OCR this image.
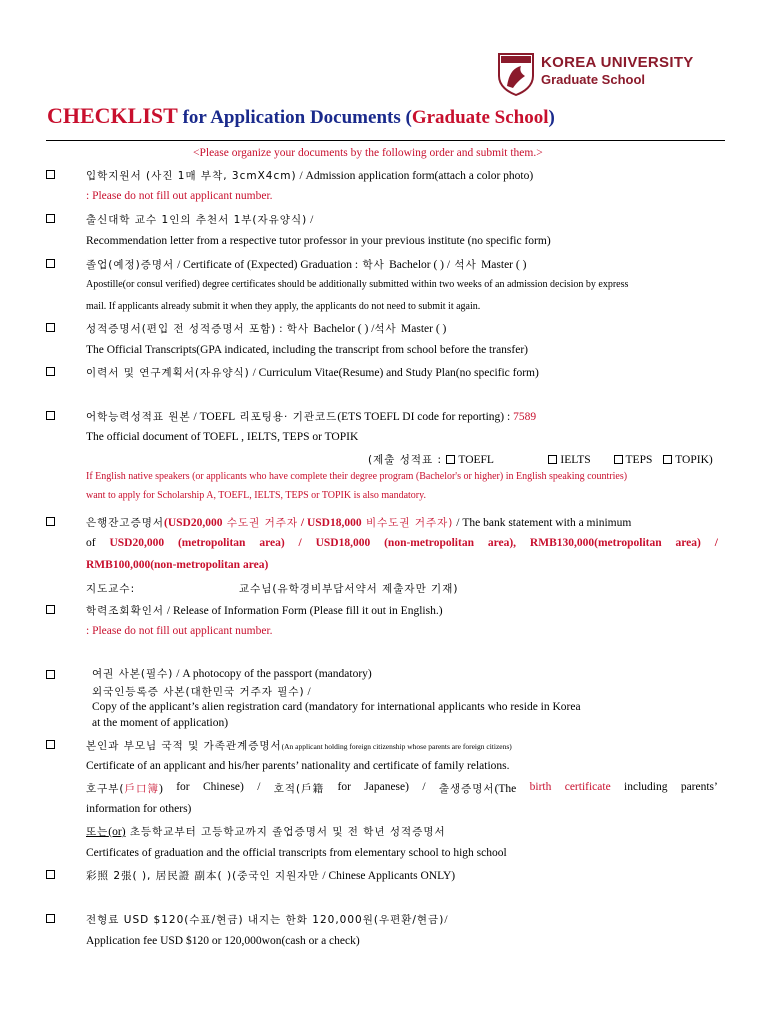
KOREA UNIVERSITY
Graduate School
CHECKLIST for Application Documents (Graduate School)
<Please organize your documents by the following order and submit them.>
입학지원서 (사진 1매 부착, 3cmX4cm) / Admission application form(attach a color photo)
: Please do not fill out applicant number.
출신대학 교수 1인의 추천서 1부(자유양식) /
Recommendation letter from a respective tutor professor in your previous institute (no specific form)
졸업(예정)증명서 / Certificate of (Expected) Graduation : 학사 Bachelor ( ) / 석사 Master ( )
Apostille(or consul verified) degree certificates should be additionally submitted within two weeks of an admission decision by express
mail. If applicants already submit it when they apply, the applicants do not need to submit it again.
성적증명서(편입 전 성적증명서 포함) : 학사 Bachelor ( ) /석사 Master ( )
The Official Transcripts(GPA indicated, including the transcript from school before the transfer)
이력서 및 연구계획서(자유양식) / Curriculum Vitae(Resume) and Study Plan(no specific form)
어학능력성적표 원본 / TOEFL 리포팅용· 기관코드(ETS TOEFL DI code for reporting) : 7589
The official document of TOEFL , IELTS, TEPS or TOPIK
(제출 성적표 : TOEFL	IELTS	TEPS TOPIK)
If English native speakers (or applicants who have complete their degree program (Bachelor's or higher) in English speaking countries)
want to apply for Scholarship A, TOEFL, IELTS, TEPS or TOPIK is also mandatory.
은행잔고증명서(USD20,000 수도권 거주자 / USD18,000 비수도권 거주자) / The bank statement with a minimum
of USD20,000 (metropolitan area) / USD18,000 (non-metropolitan area), RMB130,000(metropolitan area) /
RMB100,000(non-metropolitan area)
지도교수:	교수님(유학경비부담서약서 제출자만 기재)
학력조회확인서 / Release of Information Form (Please fill it out in English.)
: Please do not fill out applicant number.
여권 사본(필수) / A photocopy of the passport (mandatory)
외국인등록증 사본(대한민국 거주자 필수) /
Copy of the applicant’s alien registration card (mandatory for international applicants who reside in Korea
at the moment of application)
본인과 부모님 국적 및 가족관계증명서(An applicant holding foreign citizenship whose parents are foreign citizens)
Certificate of an applicant and his/her parents’ nationality and certificate of family relations.
호구부(戶口簿) for Chinese) / 호적(戶籍 for Japanese) / 출생증명서(The birth certificate including parents’
information for others)
또는(or) 초등학교부터 고등학교까지 졸업증명서 및 전 학년 성적증명서
Certificates of graduation and the official transcripts from elementary school to high school
彩照 2張( ), 居民證 副本( )(중국인 지원자만 / Chinese Applicants ONLY)
전형료 USD $120(수표/현금) 내지는 한화 120,000원(우편환/현금)/
Application fee USD $120 or 120,000won(cash or a check)
